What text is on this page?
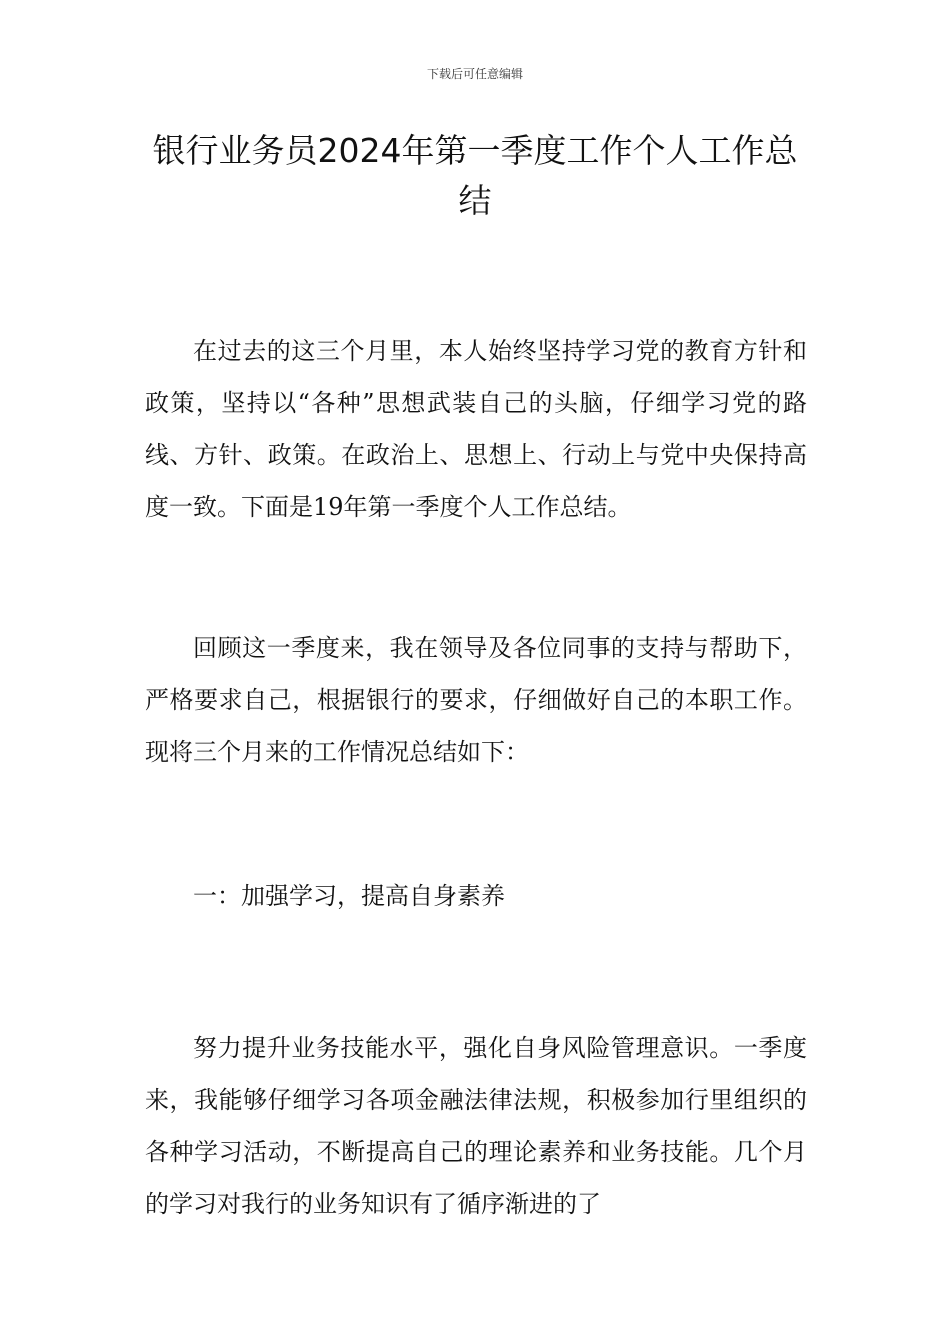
下载后可任意编辑
银行业务员2024年第一季度工作个人工作总结

在过去的这三个月里，本人始终坚持学习党的教育方针和政策，坚持以“各种”思想武装自己的头脑，仔细学习党的路线、方针、政策。在政治上、思想上、行动上与党中央保持高度一致。下面是19年第一季度个人工作总结。

回顾这一季度来，我在领导及各位同事的支持与帮助下，严格要求自己，根据银行的要求，仔细做好自己的本职工作。现将三个月来的工作情况总结如下：

一：加强学习，提高自身素养

努力提升业务技能水平，强化自身风险管理意识。一季度来，我能够仔细学习各项金融法律法规，积极参加行里组织的各种学习活动，不断提高自己的理论素养和业务技能。几个月的学习对我行的业务知识有了循序渐进的了
